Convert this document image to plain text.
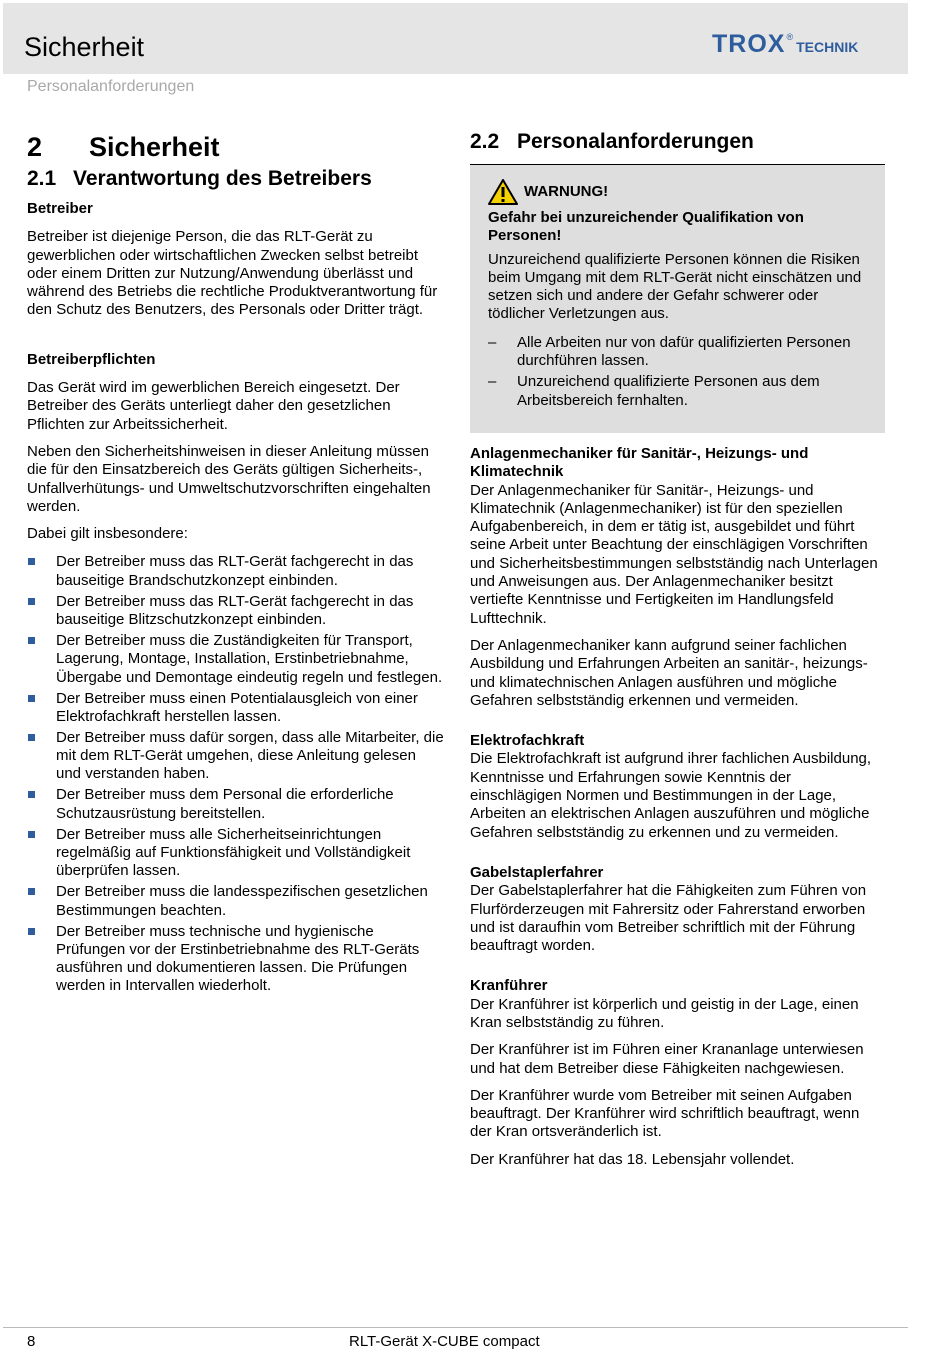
Sicherheit
Personalanforderungen
TROX ®
TECHNIK
2	Sicherheit
2.1 Verantwortung des Betreibers

Betreiber

Betreiber ist diejenige Person, die das RLT-Gerät zu gewerblichen oder wirtschaftlichen Zwecken selbst betreibt oder einem Dritten zur Nutzung/Anwendung überlässt und während des Betriebs die rechtliche Produktverantwortung für den Schutz des Benutzers, des Personals oder Dritter trägt.

Betreiberpflichten

Das Gerät wird im gewerblichen Bereich eingesetzt. Der Betreiber des Geräts unterliegt daher den gesetzlichen Pflichten zur Arbeitssicherheit.

Neben den Sicherheitshinweisen in dieser Anleitung müssen die für den Einsatzbereich des Geräts gültigen Sicherheits-, Unfallverhütungs- und Umweltschutzvorschriften eingehalten werden.

Dabei gilt insbesondere:

Der Betreiber muss das RLT-Gerät fachgerecht in das bauseitige Brandschutzkonzept einbinden.
Der Betreiber muss das RLT-Gerät fachgerecht in das bauseitige Blitzschutzkonzept einbinden.
Der Betreiber muss die Zuständigkeiten für Transport, Lagerung, Montage, Installation, Erstinbetriebnahme, Übergabe und Demontage eindeutig regeln und festlegen.
Der Betreiber muss einen Potentialausgleich von einer Elektrofachkraft herstellen lassen.
Der Betreiber muss dafür sorgen, dass alle Mitarbeiter, die mit dem RLT-Gerät umgehen, diese Anleitung gelesen und verstanden haben.
Der Betreiber muss dem Personal die erforderliche Schutzausrüstung bereitstellen.
Der Betreiber muss alle Sicherheitseinrichtungen regelmäßig auf Funktionsfähigkeit und Vollständigkeit überprüfen lassen.
Der Betreiber muss die landesspezifischen gesetzlichen Bestimmungen beachten.
Der Betreiber muss technische und hygienische Prüfungen vor der Erstinbetriebnahme des RLT-Geräts ausführen und dokumentieren lassen. Die Prüfungen werden in Intervallen wiederholt.
2.2 Personalanforderungen
WARNUNG!

Gefahr bei unzureichender Qualifikation von Personen!

Unzureichend qualifizierte Personen können die Risiken beim Umgang mit dem RLT-Gerät nicht einschätzen und setzen sich und andere der Gefahr schwerer oder tödlicher Verletzungen aus.

– Alle Arbeiten nur von dafür qualifizierten Personen durchführen lassen.
– Unzureichend qualifizierte Personen aus dem Arbeitsbereich fernhalten.

Anlagenmechaniker für Sanitär-, Heizungs- und Klimatechnik

Der Anlagenmechaniker für Sanitär-, Heizungs- und Klimatechnik (Anlagenmechaniker) ist für den speziellen Aufgabenbereich, in dem er tätig ist, ausgebildet und führt seine Arbeit unter Beachtung der einschlägigen Vorschriften und Sicherheitsbestimmungen selbstständig nach Unterlagen und Anweisungen aus. Der Anlagenmechaniker besitzt vertiefte Kenntnisse und Fertigkeiten im Handlungsfeld Lufttechnik.

Der Anlagenmechaniker kann aufgrund seiner fachlichen Ausbildung und Erfahrungen Arbeiten an sanitär-, heizungs- und klimatechnischen Anlagen ausführen und mögliche Gefahren selbstständig erkennen und vermeiden.

Elektrofachkraft

Die Elektrofachkraft ist aufgrund ihrer fachlichen Ausbildung, Kenntnisse und Erfahrungen sowie Kenntnis der einschlägigen Normen und Bestimmungen in der Lage, Arbeiten an elektrischen Anlagen auszuführen und mögliche Gefahren selbstständig zu erkennen und zu vermeiden.

Gabelstaplerfahrer

Der Gabelstaplerfahrer hat die Fähigkeiten zum Führen von Flurförderzeugen mit Fahrersitz oder Fahrerstand erworben und ist daraufhin vom Betreiber schriftlich mit der Führung beauftragt worden.

Kranführer

Der Kranführer ist körperlich und geistig in der Lage, einen Kran selbstständig zu führen.

Der Kranführer ist im Führen einer Krananlage unterwiesen und hat dem Betreiber diese Fähigkeiten nachgewiesen.

Der Kranführer wurde vom Betreiber mit seinen Aufgaben beauftragt. Der Kranführer wird schriftlich beauftragt, wenn der Kran ortsveränderlich ist.

Der Kranführer hat das 18. Lebensjahr vollendet.

8	RLT-Gerät X-CUBE compact
